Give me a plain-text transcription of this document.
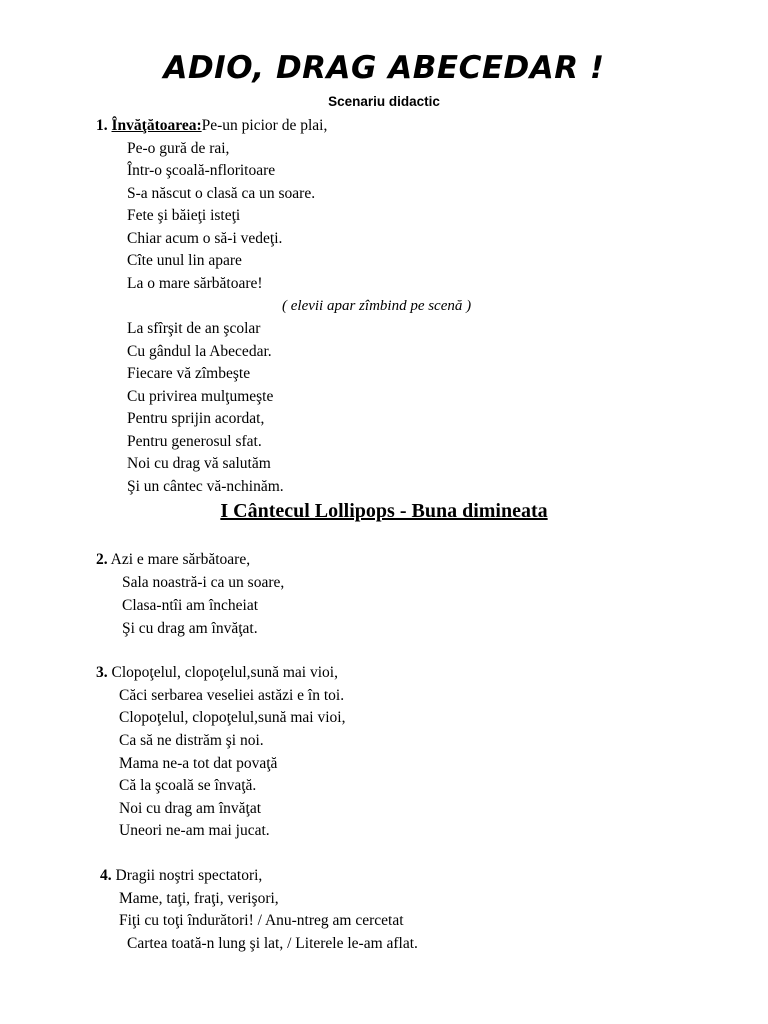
ADIO, DRAG ABECEDAR !
Scenariu didactic
1. Învăţătoarea:Pe-un picior de plai,
Pe-o gură de rai,
Într-o şcoală-nfloritoare
S-a născut o clasă ca un soare.
Fete şi băieţi isteţi
Chiar acum o să-i vedeţi.
Cîte unul lin apare
La o mare sărbătoare!
( elevii apar zîmbind pe scenă )
La sfîrşit de an şcolar
Cu gândul la Abecedar.
Fiecare vă zîmbeşte
Cu privirea mulţumeşte
Pentru sprijin acordat,
Pentru generosul sfat.
Noi cu drag vă salutăm
Şi un cântec vă-nchinăm.
I Cântecul Lollipops - Buna dimineata
2. Azi e mare sărbătoare,
Sala noastră-i ca un soare,
Clasa-ntîi am încheiat
Şi cu drag am învăţat.
3. Clopoţelul, clopoţelul,sună mai vioi,
Căci serbarea veseliei astăzi e în toi.
Clopoţelul, clopoţelul,sună mai vioi,
Ca să ne distrăm şi noi.
Mama ne-a tot dat povaţă
Că la şcoală se învaţă.
Noi cu drag am învăţat
Uneori ne-am mai jucat.
4. Dragii noştri spectatori,
Mame, taţi, fraţi, verişori,
Fiţi cu toţi îndurători! / Anu-ntreg am cercetat
Cartea toată-n lung şi lat, / Literele le-am aflat.
